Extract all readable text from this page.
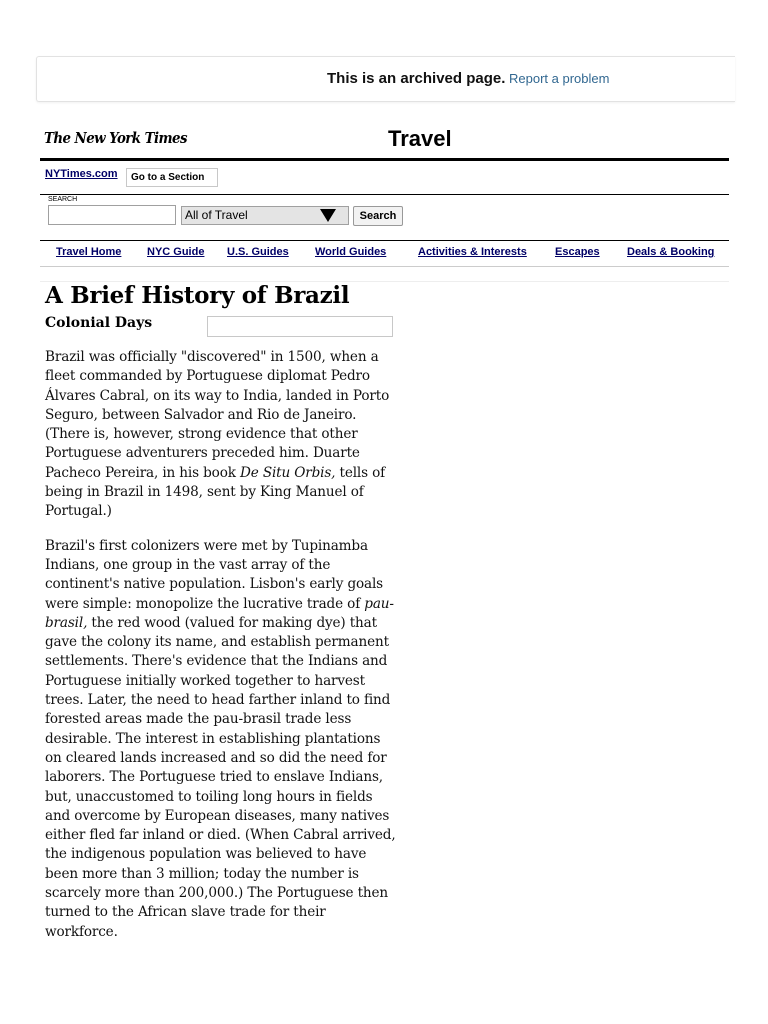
This is an archived page. Report a problem
The New York Times	Travel
NYTimes.com	Go to a Section
SEARCH
All of Travel	Search
Travel Home NYC Guide U.S. Guides World Guides	Activities & Interests	Escapes Deals & Booking
A Brief History of Brazil
Colonial Days

Brazil was officially "discovered" in 1500, when a fleet commanded by Portuguese diplomat Pedro Álvares Cabral, on its way to India, landed in Porto Seguro, between Salvador and Rio de Janeiro. (There is, however, strong evidence that other Portuguese adventurers preceded him. Duarte Pacheco Pereira, in his book De Situ Orbis, tells of being in Brazil in 1498, sent by King Manuel of Portugal.)

Brazil's first colonizers were met by Tupinamba Indians, one group in the vast array of the continent's native population. Lisbon's early goals were simple: monopolize the lucrative trade of pau-brasil, the red wood (valued for making dye) that gave the colony its name, and establish permanent settlements. There's evidence that the Indians and Portuguese initially worked together to harvest trees. Later, the need to head farther inland to find forested areas made the pau-brasil trade less desirable. The interest in establishing plantations on cleared lands increased and so did the need for laborers. The Portuguese tried to enslave Indians, but, unaccustomed to toiling long hours in fields and overcome by European diseases, many natives either fled far inland or died. (When Cabral arrived, the indigenous population was believed to have been more than 3 million; today the number is scarcely more than 200,000.) The Portuguese then turned to the African slave trade for their workforce.
